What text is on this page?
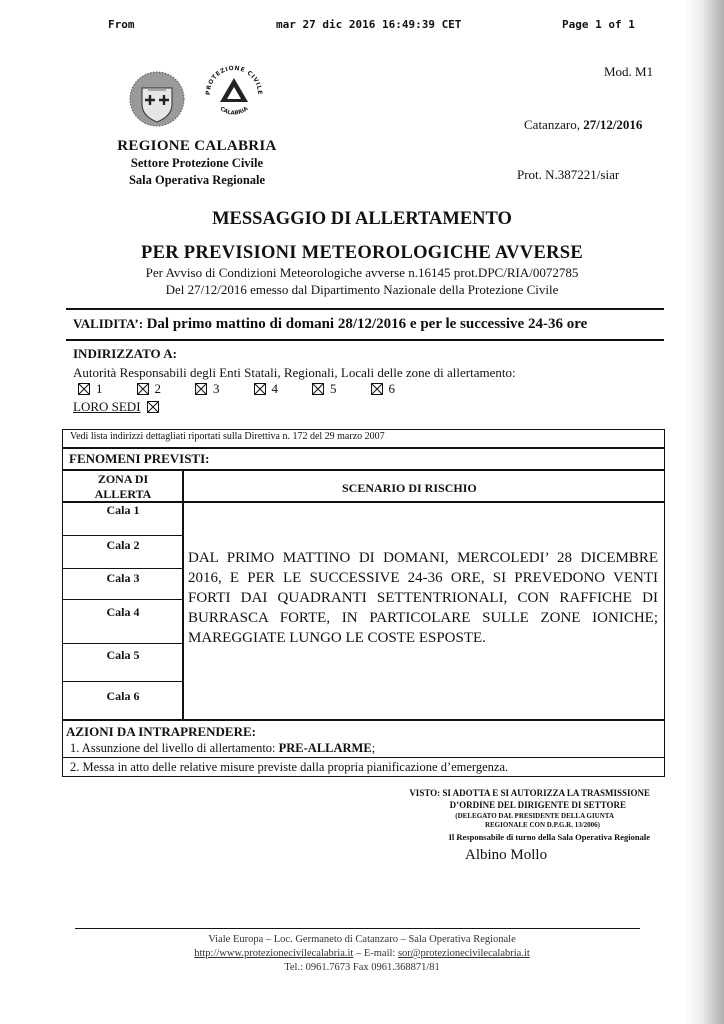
From	mar 27 dic 2016 16:49:39 CET	Page 1 of 1
PROTEZIONE CIVILE
CALABRIA
REGIONE CALABRIA
Settore Protezione Civile
Sala Operativa Regionale
Mod. M1
Catanzaro, 27/12/2016
Prot. N.387221/siar
MESSAGGIO DI ALLERTAMENTO
PER PREVISIONI METEOROLOGICHE AVVERSE
Per Avviso di Condizioni Meteorologiche avverse n.16145 prot.DPC/RIA/0072785
Del 27/12/2016 emesso dal Dipartimento Nazionale della Protezione Civile
VALIDITA’: Dal primo mattino di domani 28/12/2016 e per le successive 24-36 ore
INDIRIZZATO A:
Autorità Responsabili degli Enti Statali, Regionali, Locali delle zone di allertamento:
1	2	3	4	5	6
LORO SEDI
Vedi lista indirizzi dettagliati riportati sulla Direttiva n. 172 del 29 marzo 2007
FENOMENI PREVISTI:
ZONA DI
ALLERTA	SCENARIO DI RISCHIO
Cala 1
Cala 2
Cala 3
Cala 4
Cala 5
Cala 6
DAL PRIMO MATTINO DI DOMANI, MERCOLEDI’ 28 DICEMBRE 2016, E PER LE SUCCESSIVE 24-36 ORE, SI PREVEDONO VENTI FORTI DAI QUADRANTI SETTENTRIONALI, CON RAFFICHE DI BURRASCA FORTE, IN PARTICOLARE SULLE ZONE IONICHE; MAREGGIATE LUNGO LE COSTE ESPOSTE.
AZIONI DA INTRAPRENDERE:
1. Assunzione del livello di allertamento: PRE-ALLARME;
2. Messa in atto delle relative misure previste dalla propria pianificazione d’emergenza.
VISTO: SI ADOTTA E SI AUTORIZZA LA TRASMISSIONE
D’ORDINE DEL DIRIGENTE DI SETTORE
(DELEGATO DAL PRESIDENTE DELLA GIUNTA
REGIONALE CON D.P.G.R. 13/2006)
Il Responsabile di turno della Sala Operativa Regionale
Albino Mollo
Viale Europa – Loc. Germaneto di Catanzaro – Sala Operativa Regionale
http://www.protezionecivilecalabria.it – E-mail: sor@protezionecivilecalabria.it
Tel.: 0961.7673 Fax 0961.368871/81
